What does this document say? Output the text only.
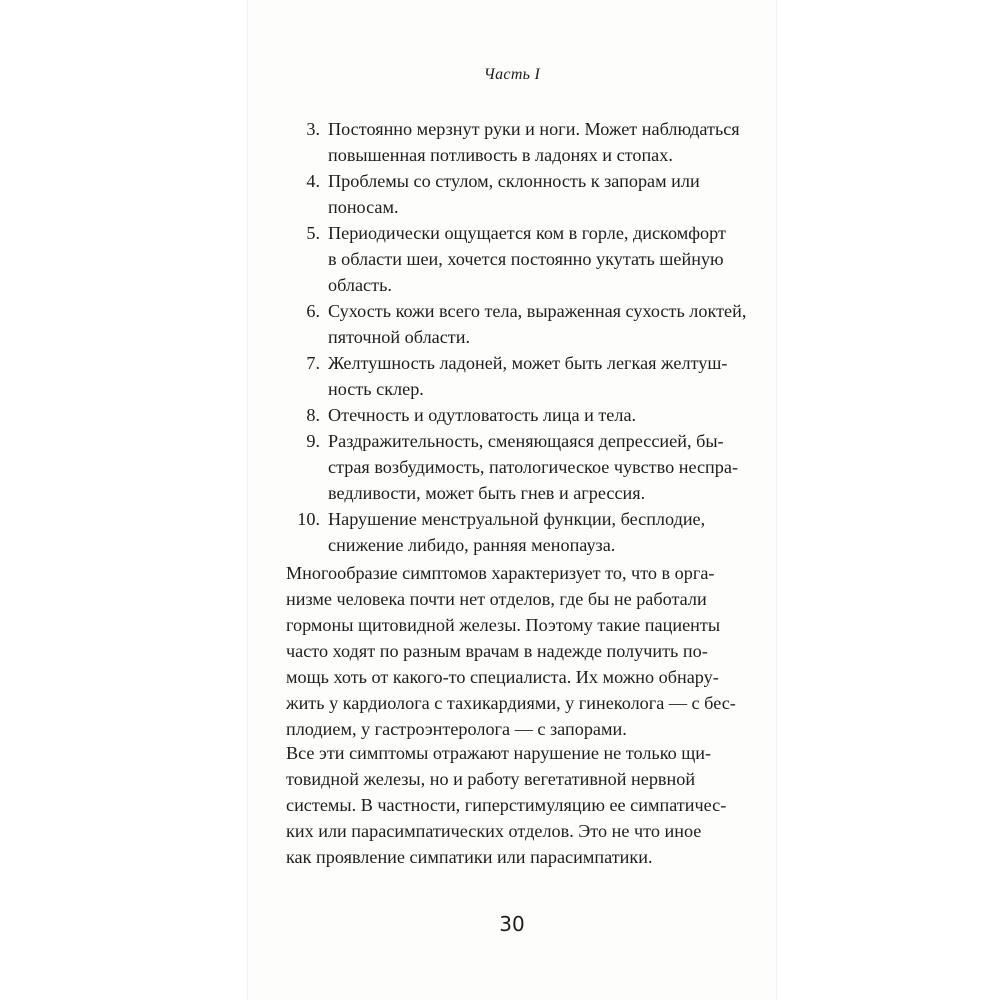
Часть I
3. Постоянно мерзнут руки и ноги. Может наблюдаться
повышенная потливость в ладонях и стопах.
4. Проблемы со стулом, склонность к запорам или
поносам.
5. Периодически ощущается ком в горле, дискомфорт
в области шеи, хочется постоянно укутать шейную
область.
6. Сухость кожи всего тела, выраженная сухость локтей,
пяточной области.
7. Желтушность ладоней, может быть легкая желтуш-
ность склер.
8. Отечность и одутловатость лица и тела.
9. Раздражительность, сменяющаяся депрессией, бы-
страя возбудимость, патологическое чувство неспра-
ведливости, может быть гнев и агрессия.
10. Нарушение менструальной функции, бесплодие,
снижение либидо, ранняя менопауза.

Многообразие симптомов характеризует то, что в орга-
низме человека почти нет отделов, где бы не работали
гормоны щитовидной железы. Поэтому такие пациенты
часто ходят по разным врачам в надежде получить по-
мощь хоть от какого-то специалиста. Их можно обнару-
жить у кардиолога с тахикардиями, у гинеколога — с бес-
плодием, у гастроэнтеролога — с запорами.

Все эти симптомы отражают нарушение не только щи-
товидной железы, но и работу вегетативной нервной
системы. В частности, гиперстимуляцию ее симпатичес-
ких или парасимпатических отделов. Это не что иное
как проявление симпатики или парасимпатики.

30
